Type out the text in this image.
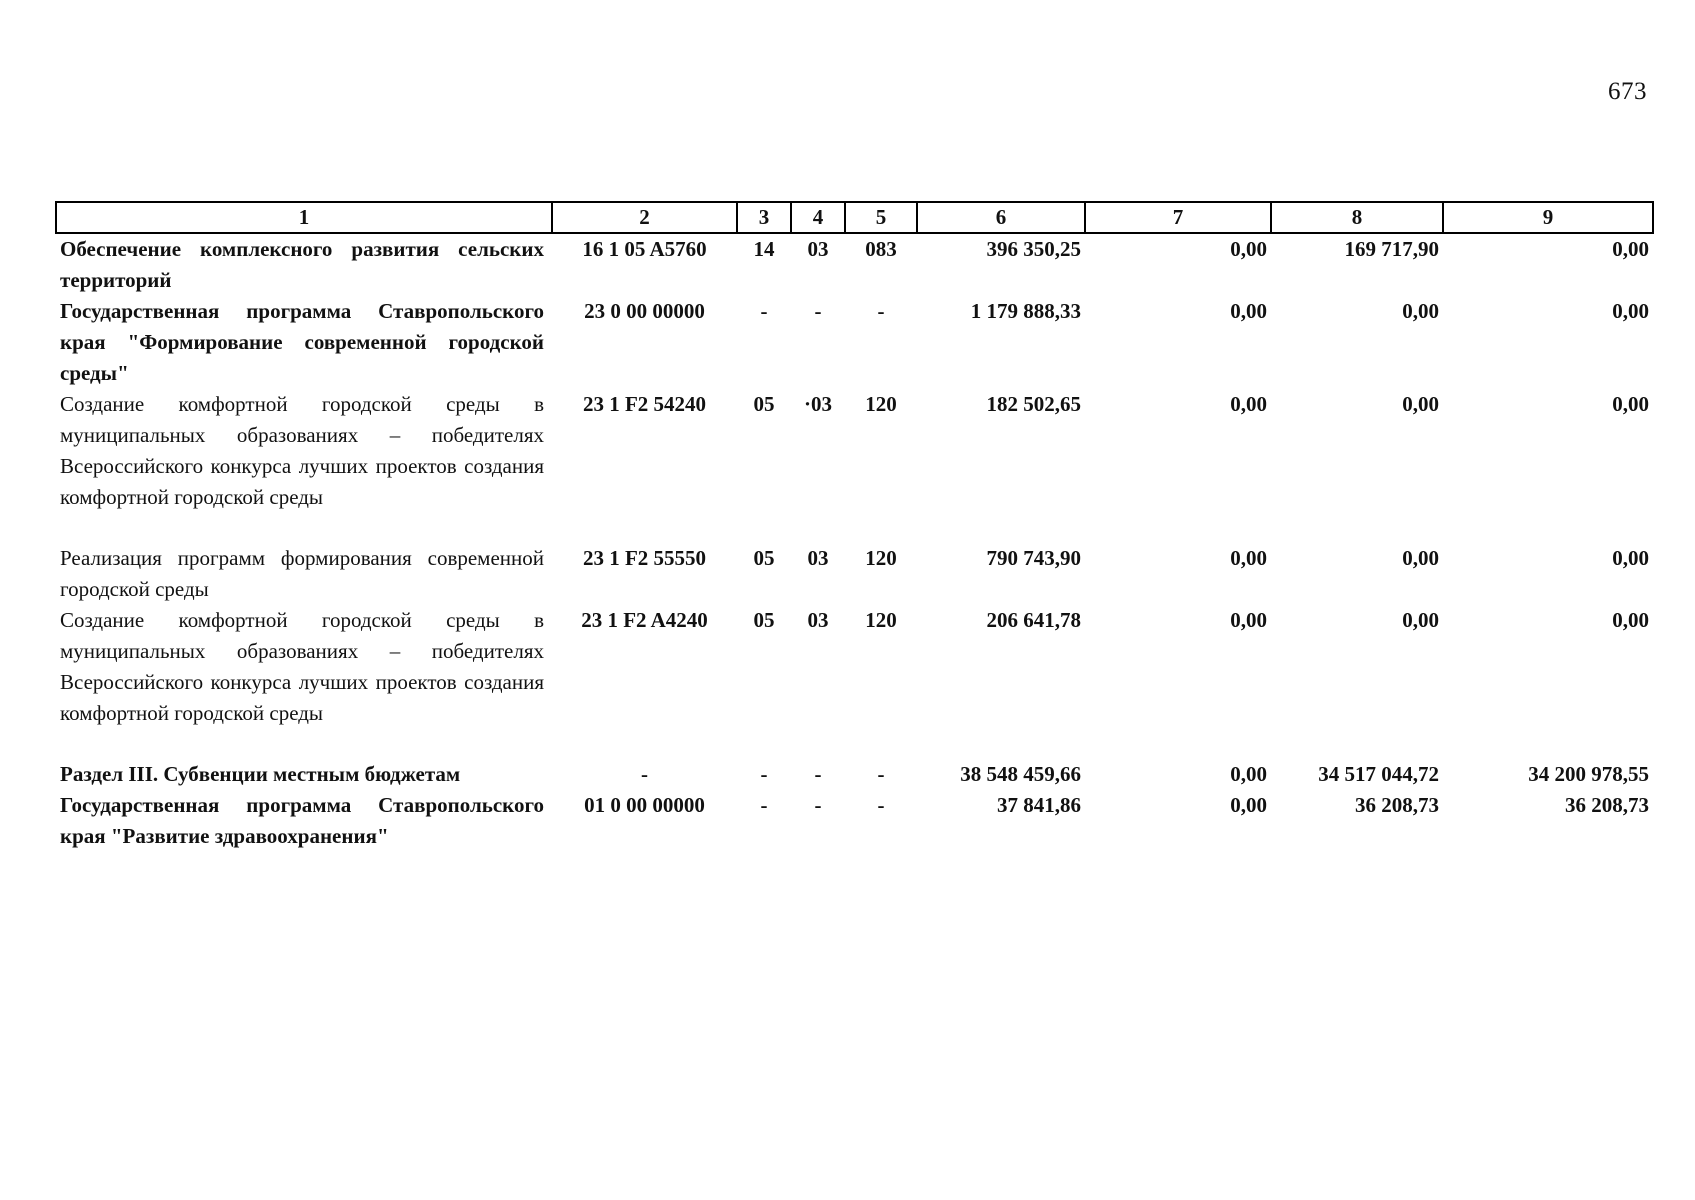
673
1	2	3	4	5	6	7	8	9
Обеспечение комплексного развития сельских территорий	16 1 05 A5760	14	03	083	396 350,25	0,00	169 717,90	0,00
Государственная программа Ставропольского края "Формирование современной городской среды"	23 0 00 00000	-	-	-	1 179 888,33	0,00	0,00	0,00
Создание комфортной городской среды в муниципальных образованиях – победителях Всероссийского конкурса лучших проектов создания комфортной городской среды	23 1 F2 54240	05	·03	120	182 502,65	0,00	0,00	0,00
Реализация программ формирования современной городской среды	23 1 F2 55550	05	03	120	790 743,90	0,00	0,00	0,00
Создание комфортной городской среды в муниципальных образованиях – победителях Всероссийского конкурса лучших проектов создания комфортной городской среды	23 1 F2 A4240	05	03	120	206 641,78	0,00	0,00	0,00
Раздел III. Субвенции местным бюджетам	-	-	-	-	38 548 459,66	0,00	34 517 044,72	34 200 978,55
Государственная программа Ставропольского края "Развитие здравоохранения"	01 0 00 00000	-	-	-	37 841,86	0,00	36 208,73	36 208,73
